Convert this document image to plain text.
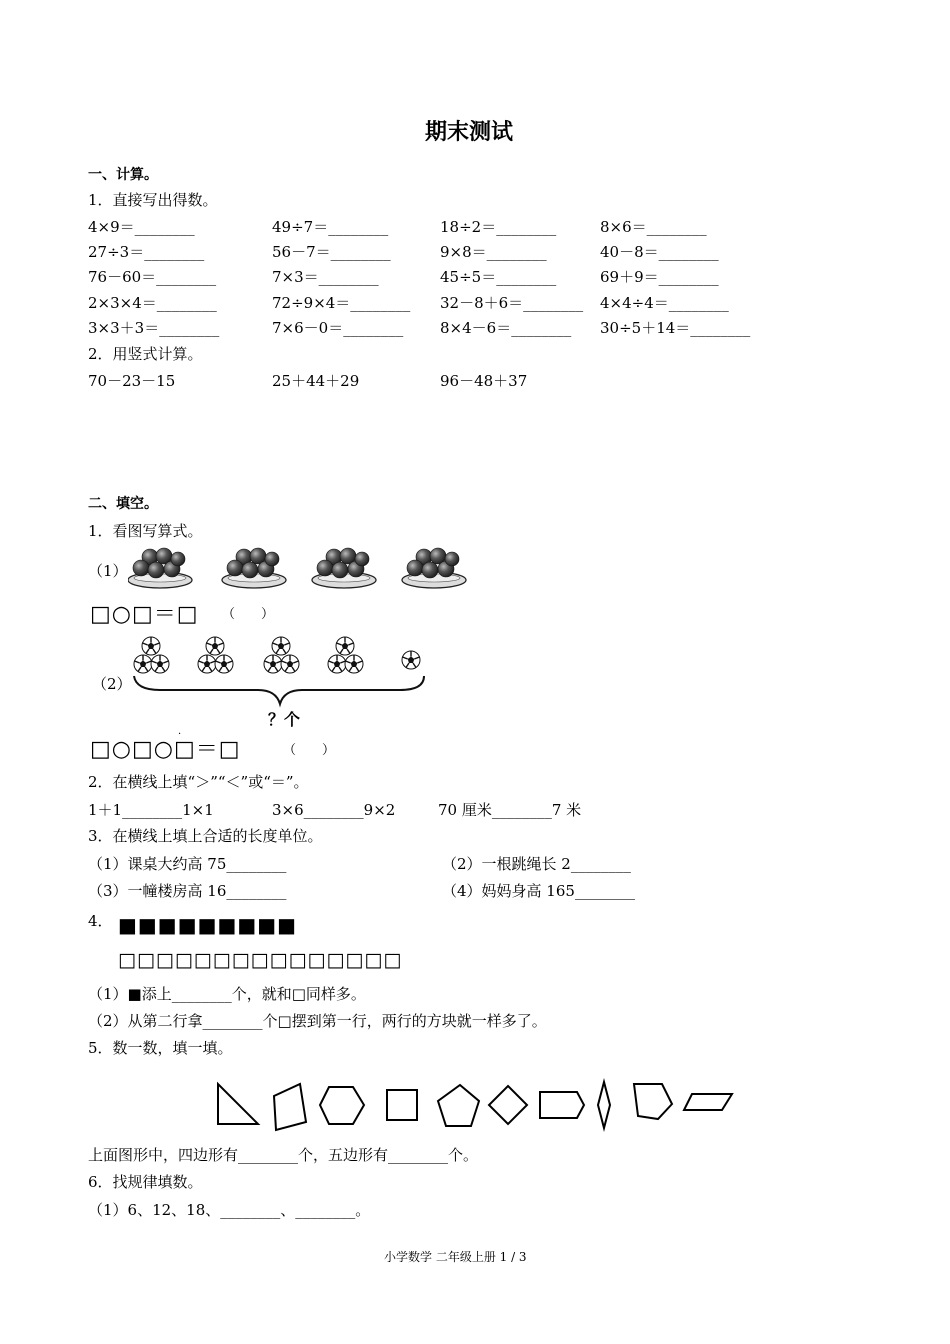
期末测试
一、计算。
1．直接写出得数。
4×9＝________	49÷7＝________	18÷2＝________	8×6＝________
27÷3＝________	56－7＝________	9×8＝________	40－8＝________
76－60＝________	7×3＝________	45÷5＝________	69＋9＝________
2×3×4＝________	72÷9×4＝________ 32－8＋6＝________ 4×4÷4＝________
3×3＋3＝________	7×6－0＝________ 8×4－6＝________ 30÷5＋14＝________
2．用竖式计算。
70－23－15	25＋44＋29	96－48＋37
二、填空。
1．看图写算式。
（1）
□○□＝□ （　　）
（2）
？个
□○□○□＝□
·
（　　）
2．在横线上填“＞”“＜”或“＝”。
1＋1________1×1	3×6________9×2	70 厘米________7 米
3．在横线上填上合适的长度单位。
（1）课桌大约高 75________	（2）一根跳绳长 2________
（3）一幢楼房高 16________	（4）妈妈身高 165________
4． ■■■■■■■■■
□□□□□□□□□□□□□□□
（1）■添上________个，就和□同样多。
（2）从第二行拿________个□摆到第一行，两行的方块就一样多了。
5．数一数，填一填。
上面图形中，四边形有________个，五边形有________个。
6．找规律填数。
（1）6、12、18、________、________。
小学数学 二年级上册 1 / 3
